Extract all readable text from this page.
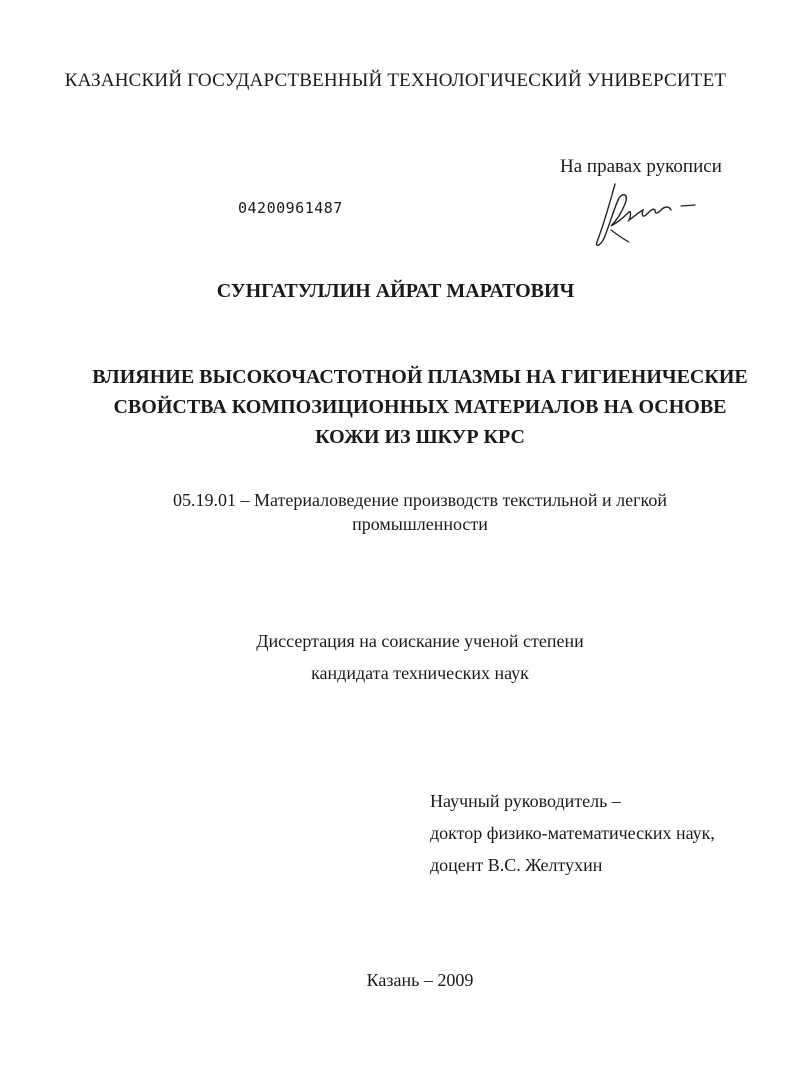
КАЗАНСКИЙ ГОСУДАРСТВЕННЫЙ ТЕХНОЛОГИЧЕСКИЙ УНИВЕРСИТЕТ
На правах рукописи
04200961487
СУНГАТУЛЛИН АЙРАТ МАРАТОВИЧ
ВЛИЯНИЕ ВЫСОКОЧАСТОТНОЙ ПЛАЗМЫ НА ГИГИЕНИЧЕСКИЕ
СВОЙСТВА КОМПОЗИЦИОННЫХ МАТЕРИАЛОВ НА ОСНОВЕ
КОЖИ ИЗ ШКУР КРС
05.19.01 – Материаловедение производств текстильной и легкой
промышленности
Диссертация на соискание ученой степени
кандидата технических наук
Научный руководитель –
доктор физико-математических наук,
доцент В.С. Желтухин
Казань – 2009
